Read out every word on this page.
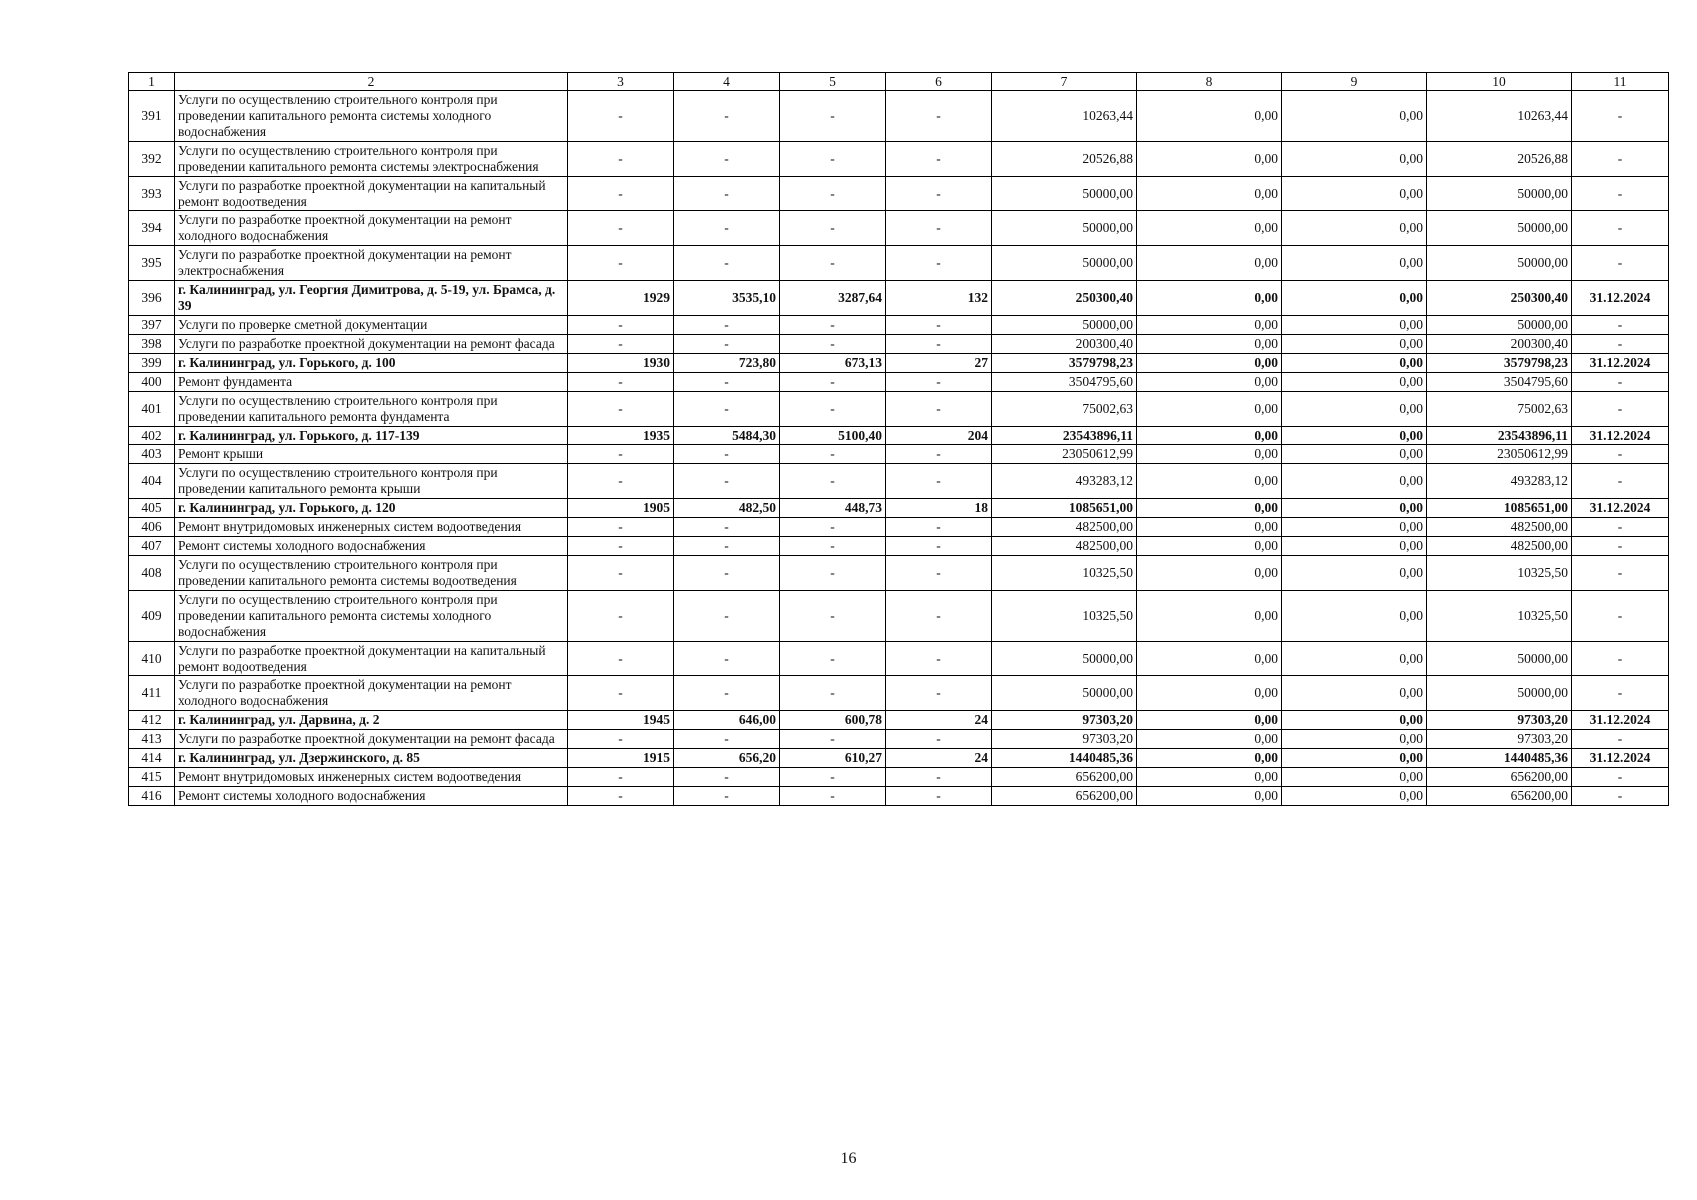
1	2	3	4	5	6	7	8	9	10	11
391	Услуги по осуществлению строительного контроля при проведении капитального ремонта системы холодного водоснабжения	-	-	-	-	10263,44	0,00	0,00	10263,44	-
392	Услуги по осуществлению строительного контроля при проведении капитального ремонта системы электроснабжения	-	-	-	-	20526,88	0,00	0,00	20526,88	-
393	Услуги по разработке проектной документации на капитальный ремонт водоотведения	-	-	-	-	50000,00	0,00	0,00	50000,00	-
394	Услуги по разработке проектной документации на ремонт холодного водоснабжения	-	-	-	-	50000,00	0,00	0,00	50000,00	-
395	Услуги по разработке проектной документации на ремонт электроснабжения	-	-	-	-	50000,00	0,00	0,00	50000,00	-
396	г. Калининград, ул. Георгия Димитрова, д. 5-19, ул. Брамса, д. 39	1929	3535,10	3287,64	132	250300,40	0,00	0,00	250300,40	31.12.2024
397	Услуги по проверке сметной документации	-	-	-	-	50000,00	0,00	0,00	50000,00	-
398	Услуги по разработке проектной документации на ремонт фасада	-	-	-	-	200300,40	0,00	0,00	200300,40	-
399	г. Калининград, ул. Горького, д. 100	1930	723,80	673,13	27	3579798,23	0,00	0,00	3579798,23	31.12.2024
400	Ремонт фундамента	-	-	-	-	3504795,60	0,00	0,00	3504795,60	-
401	Услуги по осуществлению строительного контроля при проведении капитального ремонта фундамента	-	-	-	-	75002,63	0,00	0,00	75002,63	-
402	г. Калининград, ул. Горького, д. 117-139	1935	5484,30	5100,40	204	23543896,11	0,00	0,00	23543896,11	31.12.2024
403	Ремонт крыши	-	-	-	-	23050612,99	0,00	0,00	23050612,99	-
404	Услуги по осуществлению строительного контроля при проведении капитального ремонта крыши	-	-	-	-	493283,12	0,00	0,00	493283,12	-
405	г. Калининград, ул. Горького, д. 120	1905	482,50	448,73	18	1085651,00	0,00	0,00	1085651,00	31.12.2024
406	Ремонт внутридомовых инженерных систем водоотведения	-	-	-	-	482500,00	0,00	0,00	482500,00	-
407	Ремонт системы холодного водоснабжения	-	-	-	-	482500,00	0,00	0,00	482500,00	-
408	Услуги по осуществлению строительного контроля при проведении капитального ремонта системы водоотведения	-	-	-	-	10325,50	0,00	0,00	10325,50	-
409	Услуги по осуществлению строительного контроля при проведении капитального ремонта системы холодного водоснабжения	-	-	-	-	10325,50	0,00	0,00	10325,50	-
410	Услуги по разработке проектной документации на капитальный ремонт водоотведения	-	-	-	-	50000,00	0,00	0,00	50000,00	-
411	Услуги по разработке проектной документации на ремонт холодного водоснабжения	-	-	-	-	50000,00	0,00	0,00	50000,00	-
412	г. Калининград, ул. Дарвина, д. 2	1945	646,00	600,78	24	97303,20	0,00	0,00	97303,20	31.12.2024
413	Услуги по разработке проектной документации на ремонт фасада	-	-	-	-	97303,20	0,00	0,00	97303,20	-
414	г. Калининград, ул. Дзержинского, д. 85	1915	656,20	610,27	24	1440485,36	0,00	0,00	1440485,36	31.12.2024
415	Ремонт внутридомовых инженерных систем водоотведения	-	-	-	-	656200,00	0,00	0,00	656200,00	-
416	Ремонт системы холодного водоснабжения	-	-	-	-	656200,00	0,00	0,00	656200,00	-
16
